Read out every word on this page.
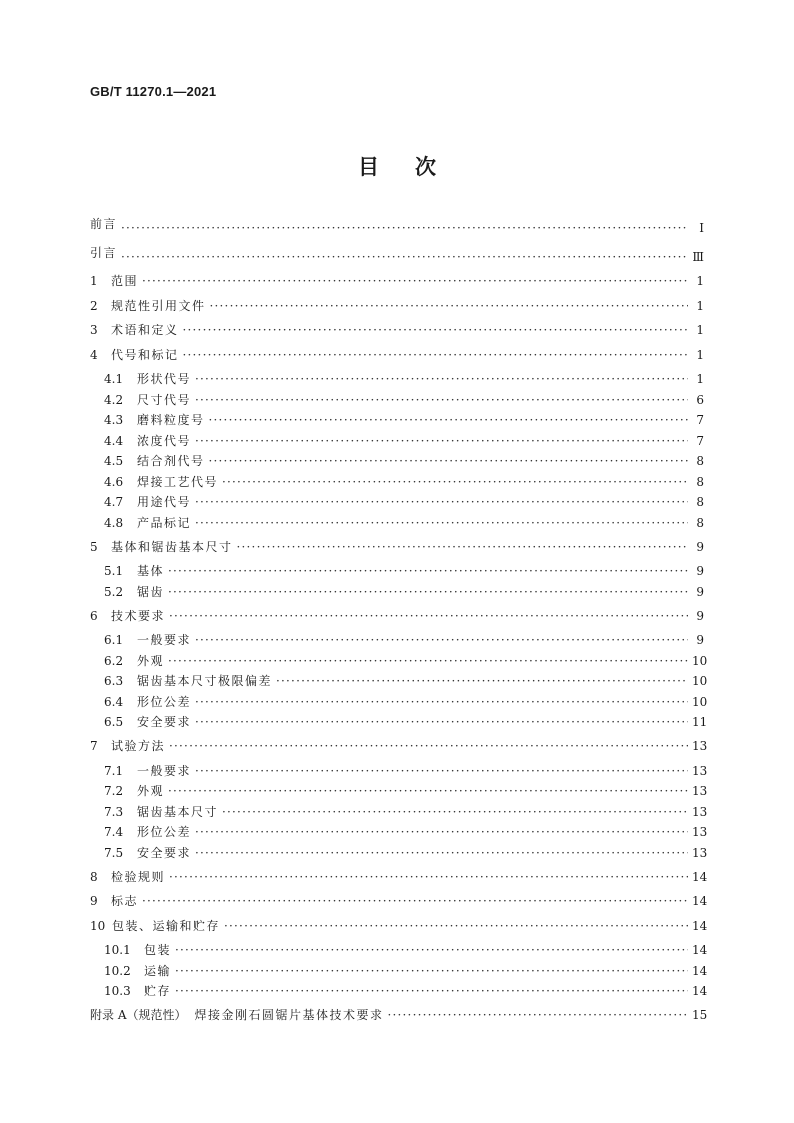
GB/T 11270.1—2021
目次
前言 ·····	Ⅰ
引言 ·····	Ⅲ
1	范围 ·····	1
2	规范性引用文件 ·····	1
3	术语和定义 ·····	1
4	代号和标记 ·····	1
4.1	形状代号 ·····	1
4.2	尺寸代号 ·····	6
4.3	磨料粒度号 ·····	7
4.4	浓度代号 ·····	7
4.5	结合剂代号 ·····	8
4.6	焊接工艺代号 ·····	8
4.7	用途代号 ·····	8
4.8	产品标记 ·····	8
5	基体和锯齿基本尺寸 ·····	9
5.1	基体 ·····	9
5.2	锯齿 ·····	9
6	技术要求 ·····	9
6.1	一般要求 ·····	9
6.2	外观 ·····	10
6.3	锯齿基本尺寸极限偏差 ·····	10
6.4	形位公差 ·····	10
6.5	安全要求 ·····	11
7	试验方法 ·····	13
7.1	一般要求 ·····	13
7.2	外观 ·····	13
7.3	锯齿基本尺寸 ·····	13
7.4	形位公差 ·····	13
7.5	安全要求 ·····	13
8	检验规则 ·····	14
9	标志 ·····	14
10 包装、运输和贮存 ·····	14
10.1	包装 ·····	14
10.2	运输 ·····	14
10.3	贮存 ·····	14
附录 A（规范性） 焊接金刚石圆锯片基体技术要求 ·····	15
